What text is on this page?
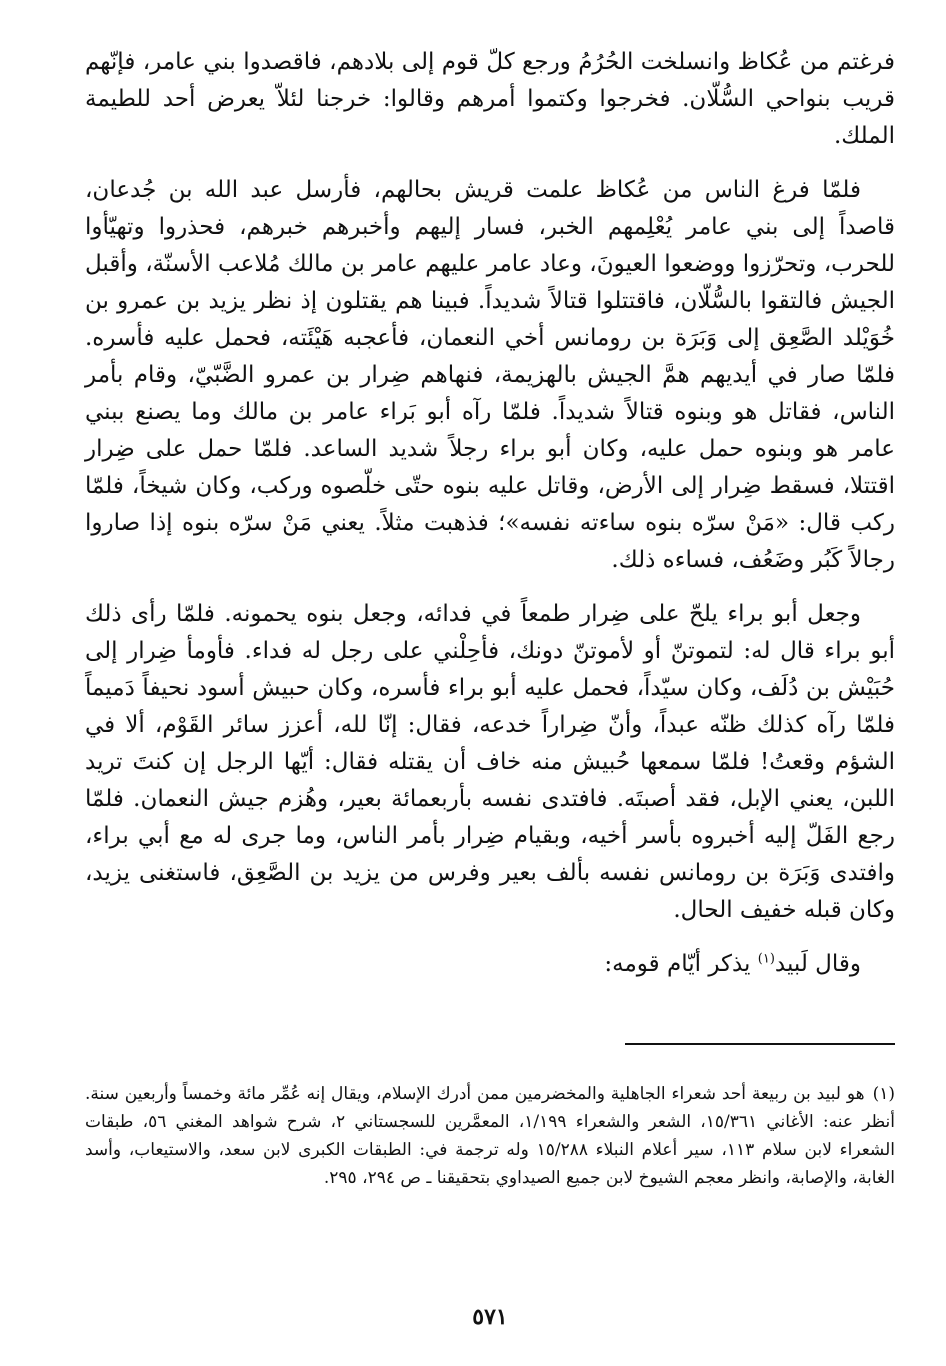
فرغتم من عُكاظ وانسلخت الحُرُمُ ورجع كلّ قوم إلى بلادهم، فاقصدوا بني عامر، فإنّهم قريب بنواحي السُّلّان. فخرجوا وكتموا أمرهم وقالوا: خرجنا لئلاّ يعرض أحد للطيمة الملك.

فلمّا فرغ الناس من عُكاظ علمت قريش بحالهم، فأرسل عبد الله بن جُدعان، قاصداً إلى بني عامر يُعْلِمهم الخبر، فسار إليهم وأخبرهم خبرهم، فحذروا وتهيّأوا للحرب، وتحرّزوا ووضعوا العيونَ، وعاد عامر عليهم عامر بن مالك مُلاعب الأسنّة، وأقبل الجيش فالتقوا بالسُّلّان، فاقتتلوا قتالاً شديداً. فبينا هم يقتلون إذ نظر يزيد بن عمرو بن خُوَيْلد الصَّعِق إلى وَبَرَة بن رومانس أخي النعمان، فأعجبه هَيْئَته، فحمل عليه فأسره. فلمّا صار في أيديهم همَّ الجيش بالهزيمة، فنهاهم ضِرار بن عمرو الضَّبّيّ، وقام بأمر الناس، فقاتل هو وبنوه قتالاً شديداً. فلمّا رآه أبو بَراء عامر بن مالك وما يصنع ببني عامر هو وبنوه حمل عليه، وكان أبو براء رجلاً شديد الساعد. فلمّا حمل على ضِرار اقتتلا، فسقط ضِرار إلى الأرض، وقاتل عليه بنوه حتّى خلّصوه وركب، وكان شيخاً، فلمّا ركب قال: «مَنْ سرّه بنوه ساءته نفسه»؛ فذهبت مثلاً. يعني مَنْ سرّه بنوه إذا صاروا رجالاً كَبُر وضَعُف، فساءه ذلك.

وجعل أبو براء يلحّ على ضِرار طمعاً في فدائه، وجعل بنوه يحمونه. فلمّا رأى ذلك أبو براء قال له: لتموتنّ أو لأموتنّ دونك، فأحِلْني على رجل له فداء. فأومأ ضِرار إلى حُبَيْش بن دُلَف، وكان سيّداً، فحمل عليه أبو براء فأسره، وكان حبيش أسود نحيفاً دَميماً فلمّا رآه كذلك ظنّه عبداً، وأنّ ضِراراً خدعه، فقال: إنّا لله، أعزز سائر القَوْم، ألا في الشؤم وقعتُ! فلمّا سمعها حُبيش منه خاف أن يقتله فقال: أيّها الرجل إن كنتَ تريد اللبن، يعني الإبل، فقد أصبتَه. فافتدى نفسه بأربعمائة بعير، وهُزم جيش النعمان. فلمّا رجع الفَلّ إليه أخبروه بأسر أخيه، وبقيام ضِرار بأمر الناس، وما جرى له مع أبي براء، وافتدى وَبَرَة بن رومانس نفسه بألف بعير وفرس من يزيد بن الصَّعِق، فاستغنى يزيد، وكان قبله خفيف الحال.

وقال لَبيد$^{(١)}$ يذكر أيّام قومه:

(١)هو لبيد بن ربيعة أحد شعراء الجاهلية والمخضرمين ممن أدرك الإسلام، ويقال إنه عُمِّر مائة وخمساً وأربعين سنة. أنظر عنه: الأغاني ١٥/٣٦١، الشعر والشعراء ١/١٩٩، المعمَّرين للسجستاني ٢، شرح شواهد المغني ٥٦، طبقات الشعراء لابن سلام ١١٣، سير أعلام النبلاء ١٥/٢٨٨ وله ترجمة في: الطبقات الكبرى لابن سعد، والاستيعاب، وأسد الغابة، والإصابة، وانظر معجم الشيوخ لابن جميع الصيداوي بتحقيقنا ـ ص ٢٩٤، ٢٩٥.
٥٧١
